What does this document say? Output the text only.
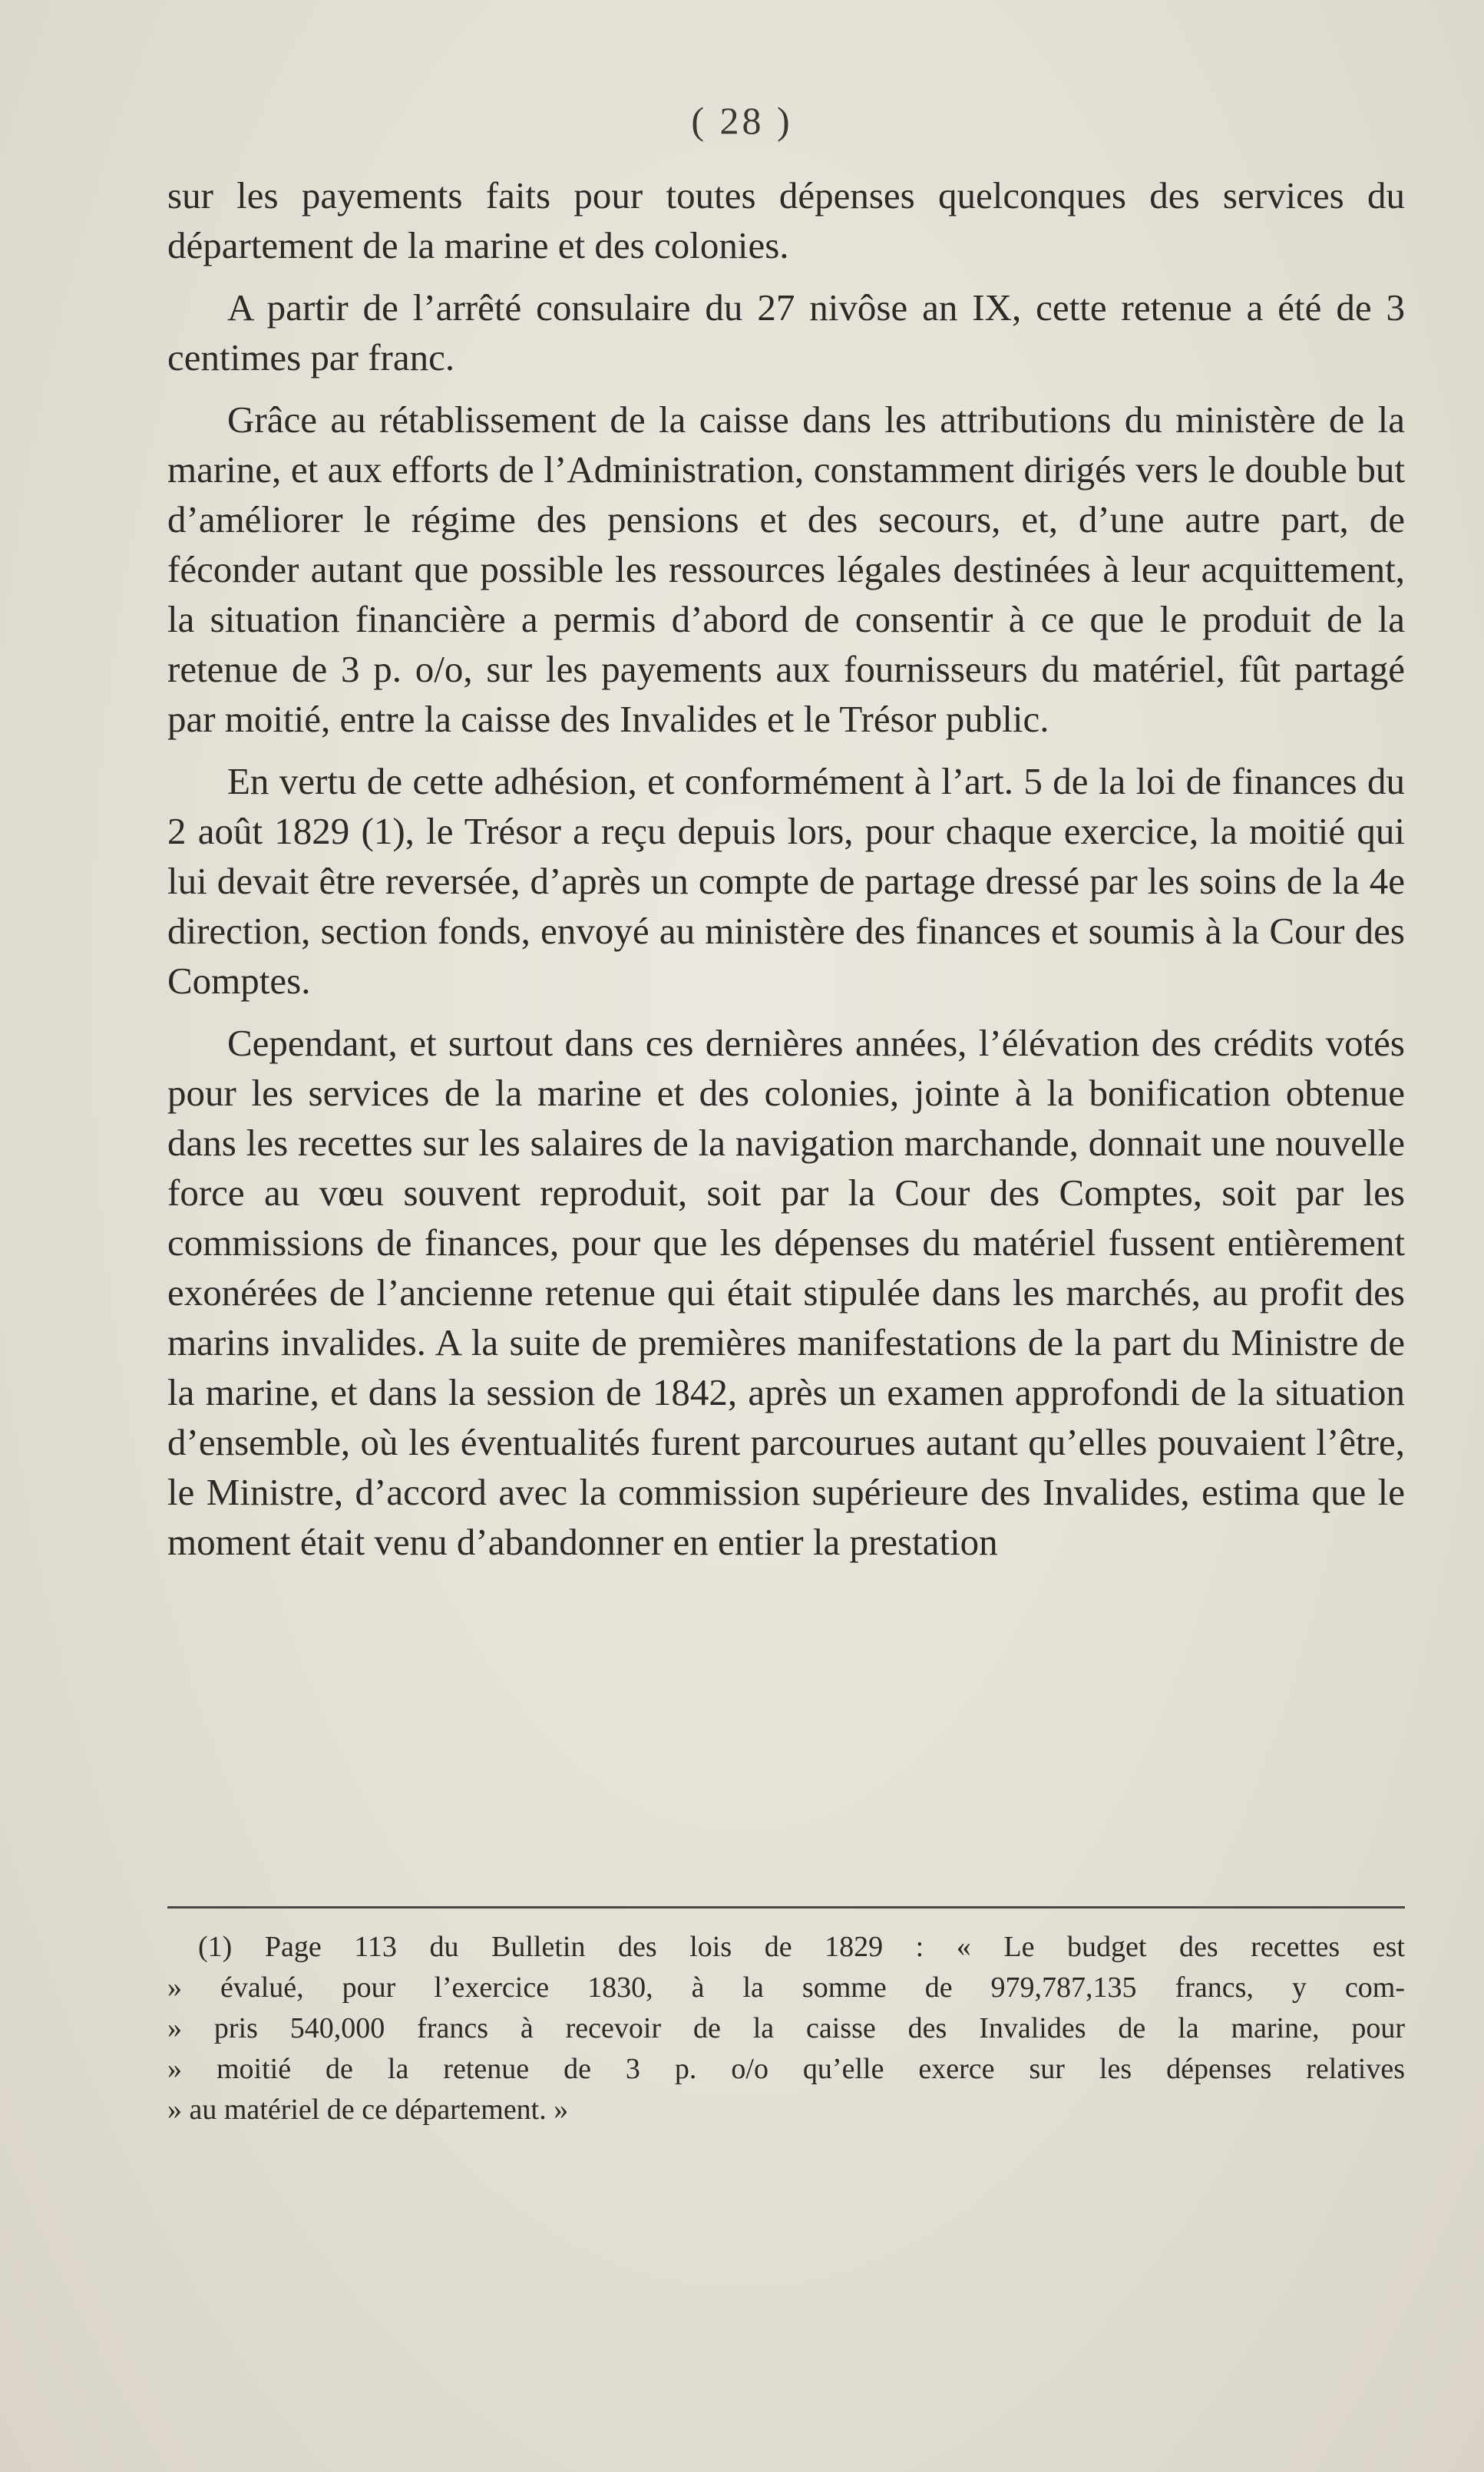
( 28 )

sur les payements faits pour toutes dépenses quelconques des services du département de la marine et des colonies.

A partir de l’arrêté consulaire du 27 nivôse an IX, cette retenue a été de 3 centimes par franc.

Grâce au rétablissement de la caisse dans les attributions du ministère de la marine, et aux efforts de l’Administration, constamment dirigés vers le double but d’améliorer le régime des pensions et des secours, et, d’une autre part, de féconder autant que possible les ressources légales destinées à leur acquittement, la situation financière a permis d’abord de consentir à ce que le produit de la retenue de 3 p. o/o, sur les payements aux fournisseurs du matériel, fût partagé par moitié, entre la caisse des Invalides et le Trésor public.

En vertu de cette adhésion, et conformément à l’art. 5 de la loi de finances du 2 août 1829 (1), le Trésor a reçu depuis lors, pour chaque exercice, la moitié qui lui devait être reversée, d’après un compte de partage dressé par les soins de la 4e direction, section fonds, envoyé au ministère des finances et soumis à la Cour des Comptes.

Cependant, et surtout dans ces dernières années, l’élévation des crédits votés pour les services de la marine et des colonies, jointe à la bonification obtenue dans les recettes sur les salaires de la navigation marchande, donnait une nouvelle force au vœu souvent reproduit, soit par la Cour des Comptes, soit par les commissions de finances, pour que les dépenses du matériel fussent entièrement exonérées de l’ancienne retenue qui était stipulée dans les marchés, au profit des marins invalides. A la suite de premières manifestations de la part du Ministre de la marine, et dans la session de 1842, après un examen approfondi de la situation d’ensemble, où les éventualités furent parcourues autant qu’elles pouvaient l’être, le Ministre, d’accord avec la commission supérieure des Invalides, estima que le moment était venu d’abandonner en entier la prestation

(1) Page 113 du Bulletin des lois de 1829 : « Le budget des recettes est

» évalué, pour l’exercice 1830, à la somme de 979,787,135 francs, y com-

» pris 540,000 francs à recevoir de la caisse des Invalides de la marine, pour

» moitié de la retenue de 3 p. o/o qu’elle exerce sur les dépenses relatives

» au matériel de ce département. »
